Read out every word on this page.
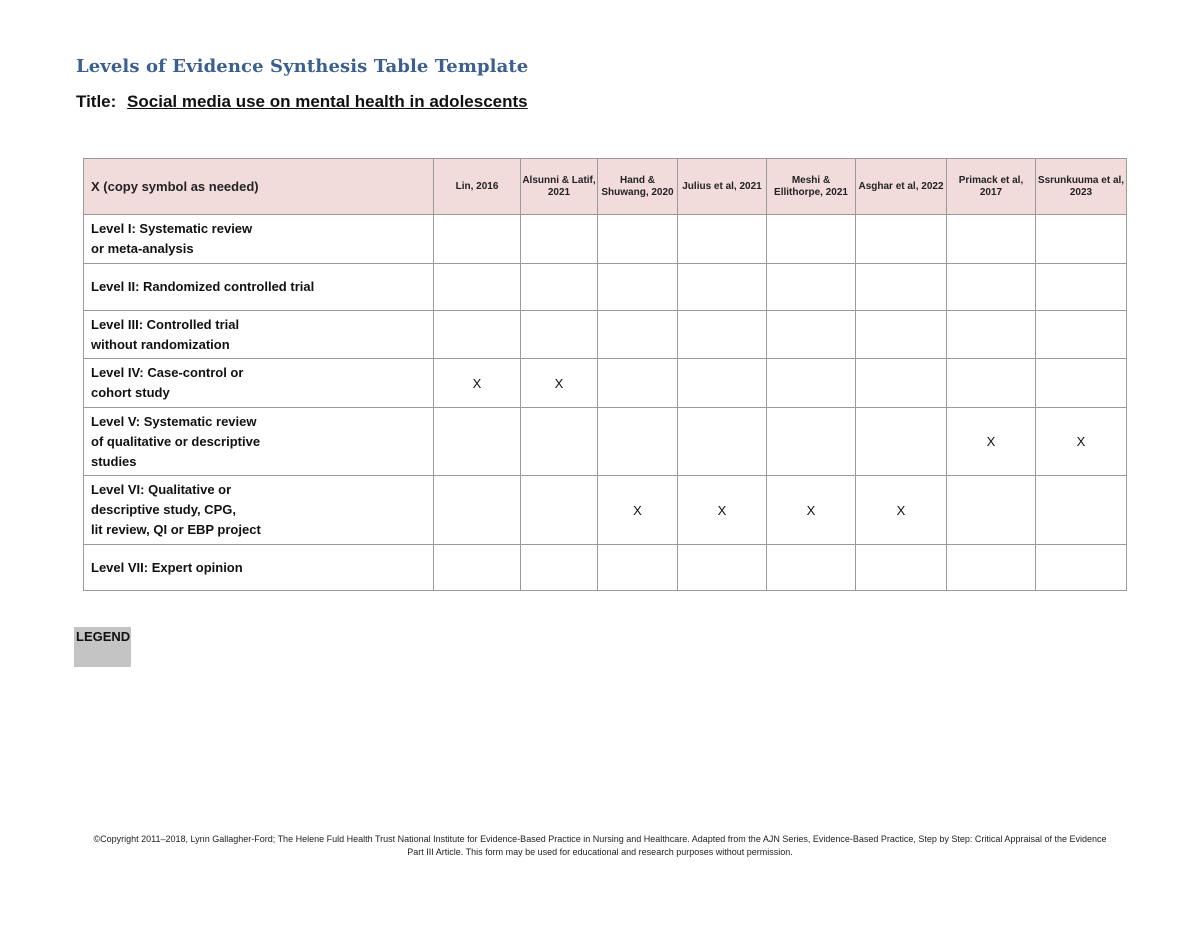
Levels of Evidence Synthesis Table Template
Title: Social media use on mental health in adolescents
X (copy symbol as needed)	Lin, 2016	Alsunni & Latif, 2021	Hand & Shuwang, 2020	Julius et al, 2021	Meshi & Ellithorpe, 2021	Asghar et al, 2022	Primack et al, 2017	Ssrunkuuma et al, 2023
Level I: Systematic review
or meta-analysis								
Level II: Randomized controlled trial								
Level III: Controlled trial
without randomization								
Level IV: Case-control or
cohort study	X	X						
Level V: Systematic review
of qualitative or descriptive
studies							X	X
Level VI: Qualitative or
descriptive study, CPG,
lit review, QI or EBP project			X	X	X	X		
Level VII: Expert opinion								
LEGEND
©Copyright 2011–2018, Lynn Gallagher-Ford; The Helene Fuld Health Trust National Institute for Evidence-Based Practice in Nursing and Healthcare. Adapted from the AJN Series, Evidence-Based Practice, Step by Step: Critical Appraisal of the Evidence
Part III Article. This form may be used for educational and research purposes without permission.
